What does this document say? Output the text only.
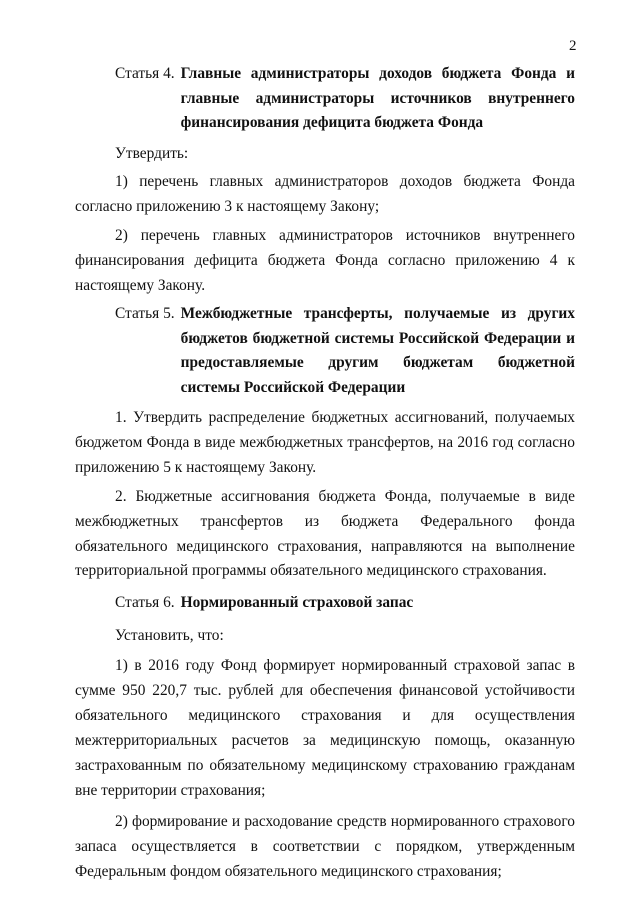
2
Статья 4. Главные администраторы доходов бюджета Фонда и главные администраторы источников внутреннего финансирования дефицита бюджета Фонда

Утвердить:

1) перечень главных администраторов доходов бюджета Фонда согласно приложению 3 к настоящему Закону;

2) перечень главных администраторов источников внутреннего финансирования дефицита бюджета Фонда согласно приложению 4 к настоящему Закону.

Статья 5. Межбюджетные трансферты, получаемые из других бюджетов бюджетной системы Российской Федерации и предоставляемые другим бюджетам бюджетной системы Российской Федерации

1. Утвердить распределение бюджетных ассигнований, получаемых бюджетом Фонда в виде межбюджетных трансфертов, на 2016 год согласно приложению 5 к настоящему Закону.

2. Бюджетные ассигнования бюджета Фонда, получаемые в виде межбюджетных трансфертов из бюджета Федерального фонда обязательного медицинского страхования, направляются на выполнение территориальной программы обязательного медицинского страхования.

Статья 6. Нормированный страховой запас

Установить, что:

1) в 2016 году Фонд формирует нормированный страховой запас в сумме 950 220,7 тыс. рублей для обеспечения финансовой устойчивости обязательного медицинского страхования и для осуществления межтерриториальных расчетов за медицинскую помощь, оказанную застрахованным по обязательному медицинскому страхованию гражданам вне территории страхования;

2) формирование и расходование средств нормированного страхового запаса осуществляется в соответствии с порядком, утвержденным Федеральным фондом обязательного медицинского страхования;
